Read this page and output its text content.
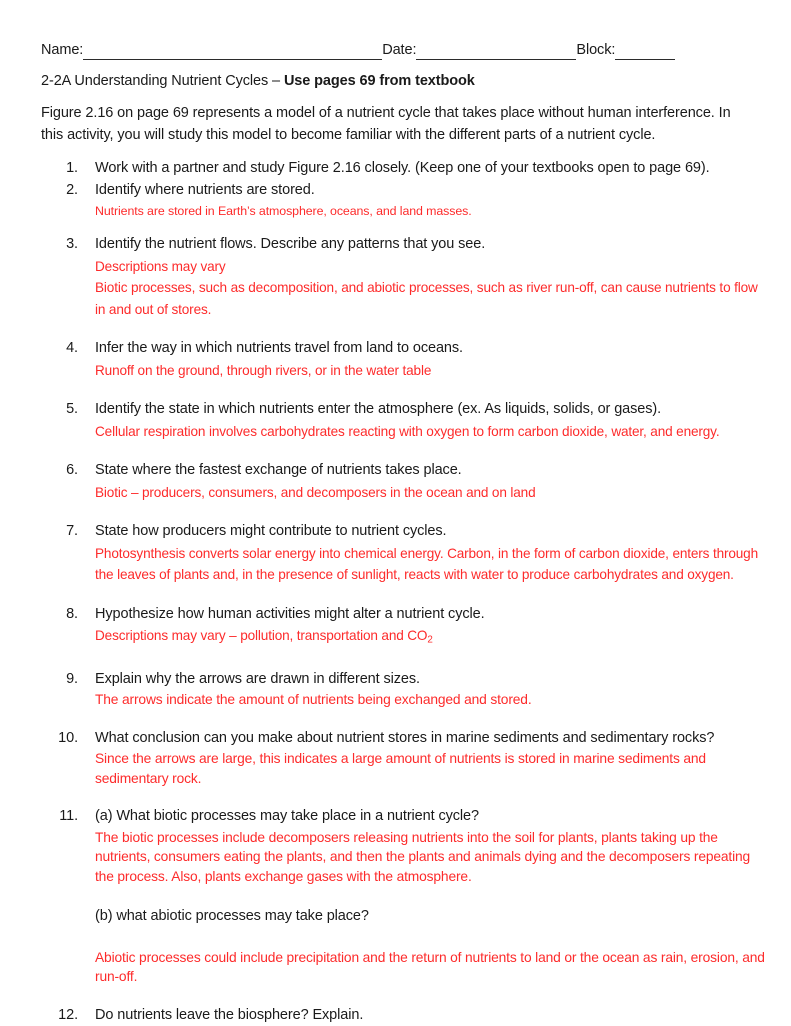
Name:	Date:	Block:
2-2A Understanding Nutrient Cycles – Use pages 69 from textbook
Figure 2.16 on page 69 represents a model of a nutrient cycle that takes place without human interference. In this activity, you will study this model to become familiar with the different parts of a nutrient cycle.
1. Work with a partner and study Figure 2.16 closely. (Keep one of your textbooks open to page 69).
2. Identify where nutrients are stored.
Nutrients are stored in Earth’s atmosphere, oceans, and land masses.
3. Identify the nutrient flows. Describe any patterns that you see.
Descriptions may vary
Biotic processes, such as decomposition, and abiotic processes, such as river run-off, can cause nutrients to flow in and out of stores.
4. Infer the way in which nutrients travel from land to oceans.
Runoff on the ground, through rivers, or in the water table
5. Identify the state in which nutrients enter the atmosphere (ex. As liquids, solids, or gases).
Cellular respiration involves carbohydrates reacting with oxygen to form carbon dioxide, water, and energy.
6. State where the fastest exchange of nutrients takes place.
Biotic – producers, consumers, and decomposers in the ocean and on land
7. State how producers might contribute to nutrient cycles.
Photosynthesis converts solar energy into chemical energy. Carbon, in the form of carbon dioxide, enters through the leaves of plants and, in the presence of sunlight, reacts with water to produce carbohydrates and oxygen.
8. Hypothesize how human activities might alter a nutrient cycle.
Descriptions may vary – pollution, transportation and $CO_2$
9. Explain why the arrows are drawn in different sizes.
The arrows indicate the amount of nutrients being exchanged and stored.
10. What conclusion can you make about nutrient stores in marine sediments and sedimentary rocks?
Since the arrows are large, this indicates a large amount of nutrients is stored in marine sediments and sedimentary rock.
11. (a) What biotic processes may take place in a nutrient cycle?
The biotic processes include decomposers releasing nutrients into the soil for plants, plants taking up the nutrients, consumers eating the plants, and then the plants and animals dying and the decomposers repeating the process. Also, plants exchange gases with the atmosphere.
(b) what abiotic processes may take place?
Abiotic processes could include precipitation and the return of nutrients to land or the ocean as rain, erosion, and run-off.
12. Do nutrients leave the biosphere? Explain.
